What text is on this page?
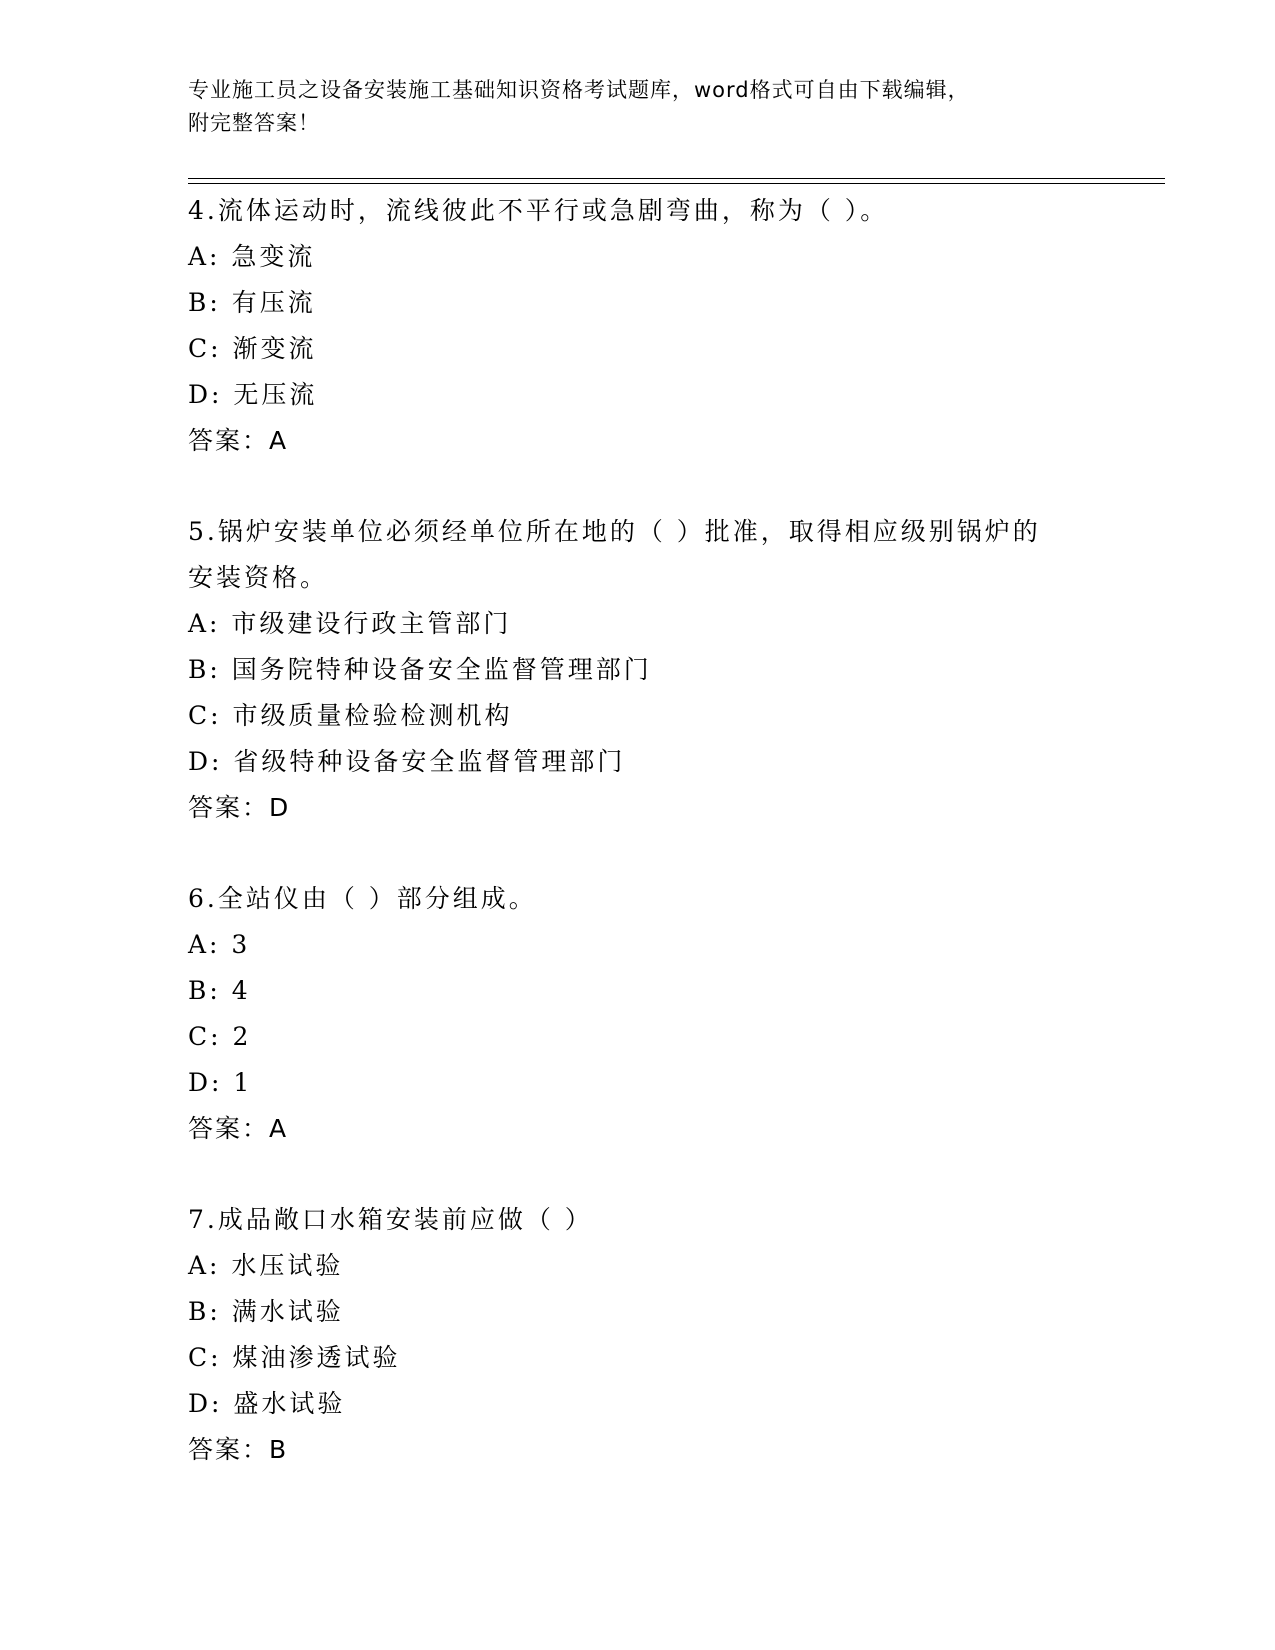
专业施工员之设备安装施工基础知识资格考试题库，word格式可自由下载编辑，
附完整答案！
4.流体运动时，流线彼此不平行或急剧弯曲，称为（ ）。
A: 急变流
B: 有压流
C: 渐变流
D: 无压流
答案：A
5.锅炉安装单位必须经单位所在地的（ ）批准，取得相应级别锅炉的
安装资格。
A: 市级建设行政主管部门
B: 国务院特种设备安全监督管理部门
C: 市级质量检验检测机构
D: 省级特种设备安全监督管理部门
答案：D
6.全站仪由（ ）部分组成。
A: 3
B: 4
C: 2
D: 1
答案：A
7.成品敞口水箱安装前应做（ ）
A: 水压试验
B: 满水试验
C: 煤油渗透试验
D: 盛水试验
答案：B
